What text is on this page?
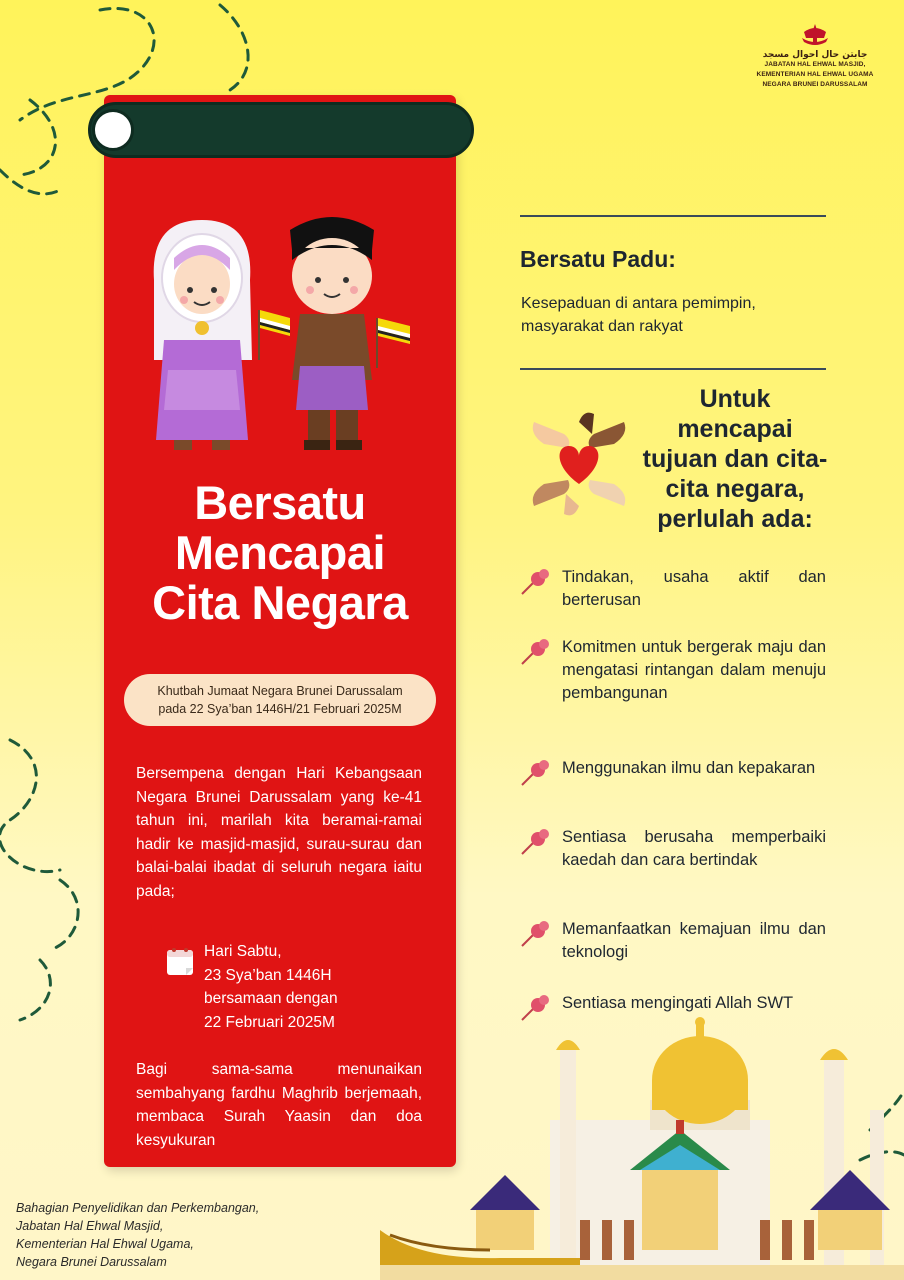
جابتن حال احوال مسجد
JABATAN HAL EHWAL MASJID,
KEMENTERIAN HAL EHWAL UGAMA
NEGARA BRUNEI DARUSSALAM
Bersatu
Mencapai
Cita Negara
Khutbah Jumaat Negara Brunei Darussalam
pada 22 Sya’ban 1446H/21 Februari 2025M
Bersempena dengan Hari Kebangsaan Negara Brunei Darussalam yang ke-41 tahun ini, marilah kita beramai-ramai hadir ke masjid-masjid, surau-surau dan balai-balai ibadat di seluruh negara iaitu pada;
Hari Sabtu,
23 Sya’ban 1446H
bersamaan dengan
22 Februari 2025M
Bagi sama-sama menunaikan sembahyang fardhu Maghrib berjemaah, membaca Surah Yaasin dan doa kesyukuran
Bersatu Padu:
Kesepaduan di antara pemimpin, masyarakat dan rakyat
Untuk
mencapai
tujuan dan cita-
cita negara,
perlulah ada:
Tindakan, usaha aktif dan berterusan
Komitmen untuk bergerak maju dan mengatasi rintangan dalam menuju pembangunan
Menggunakan ilmu dan kepakaran
Sentiasa berusaha memperbaiki kaedah dan cara bertindak
Memanfaatkan kemajuan ilmu dan teknologi
Sentiasa mengingati Allah SWT
Bahagian Penyelidikan dan Perkembangan,
Jabatan Hal Ehwal Masjid,
Kementerian Hal Ehwal Ugama,
Negara Brunei Darussalam
